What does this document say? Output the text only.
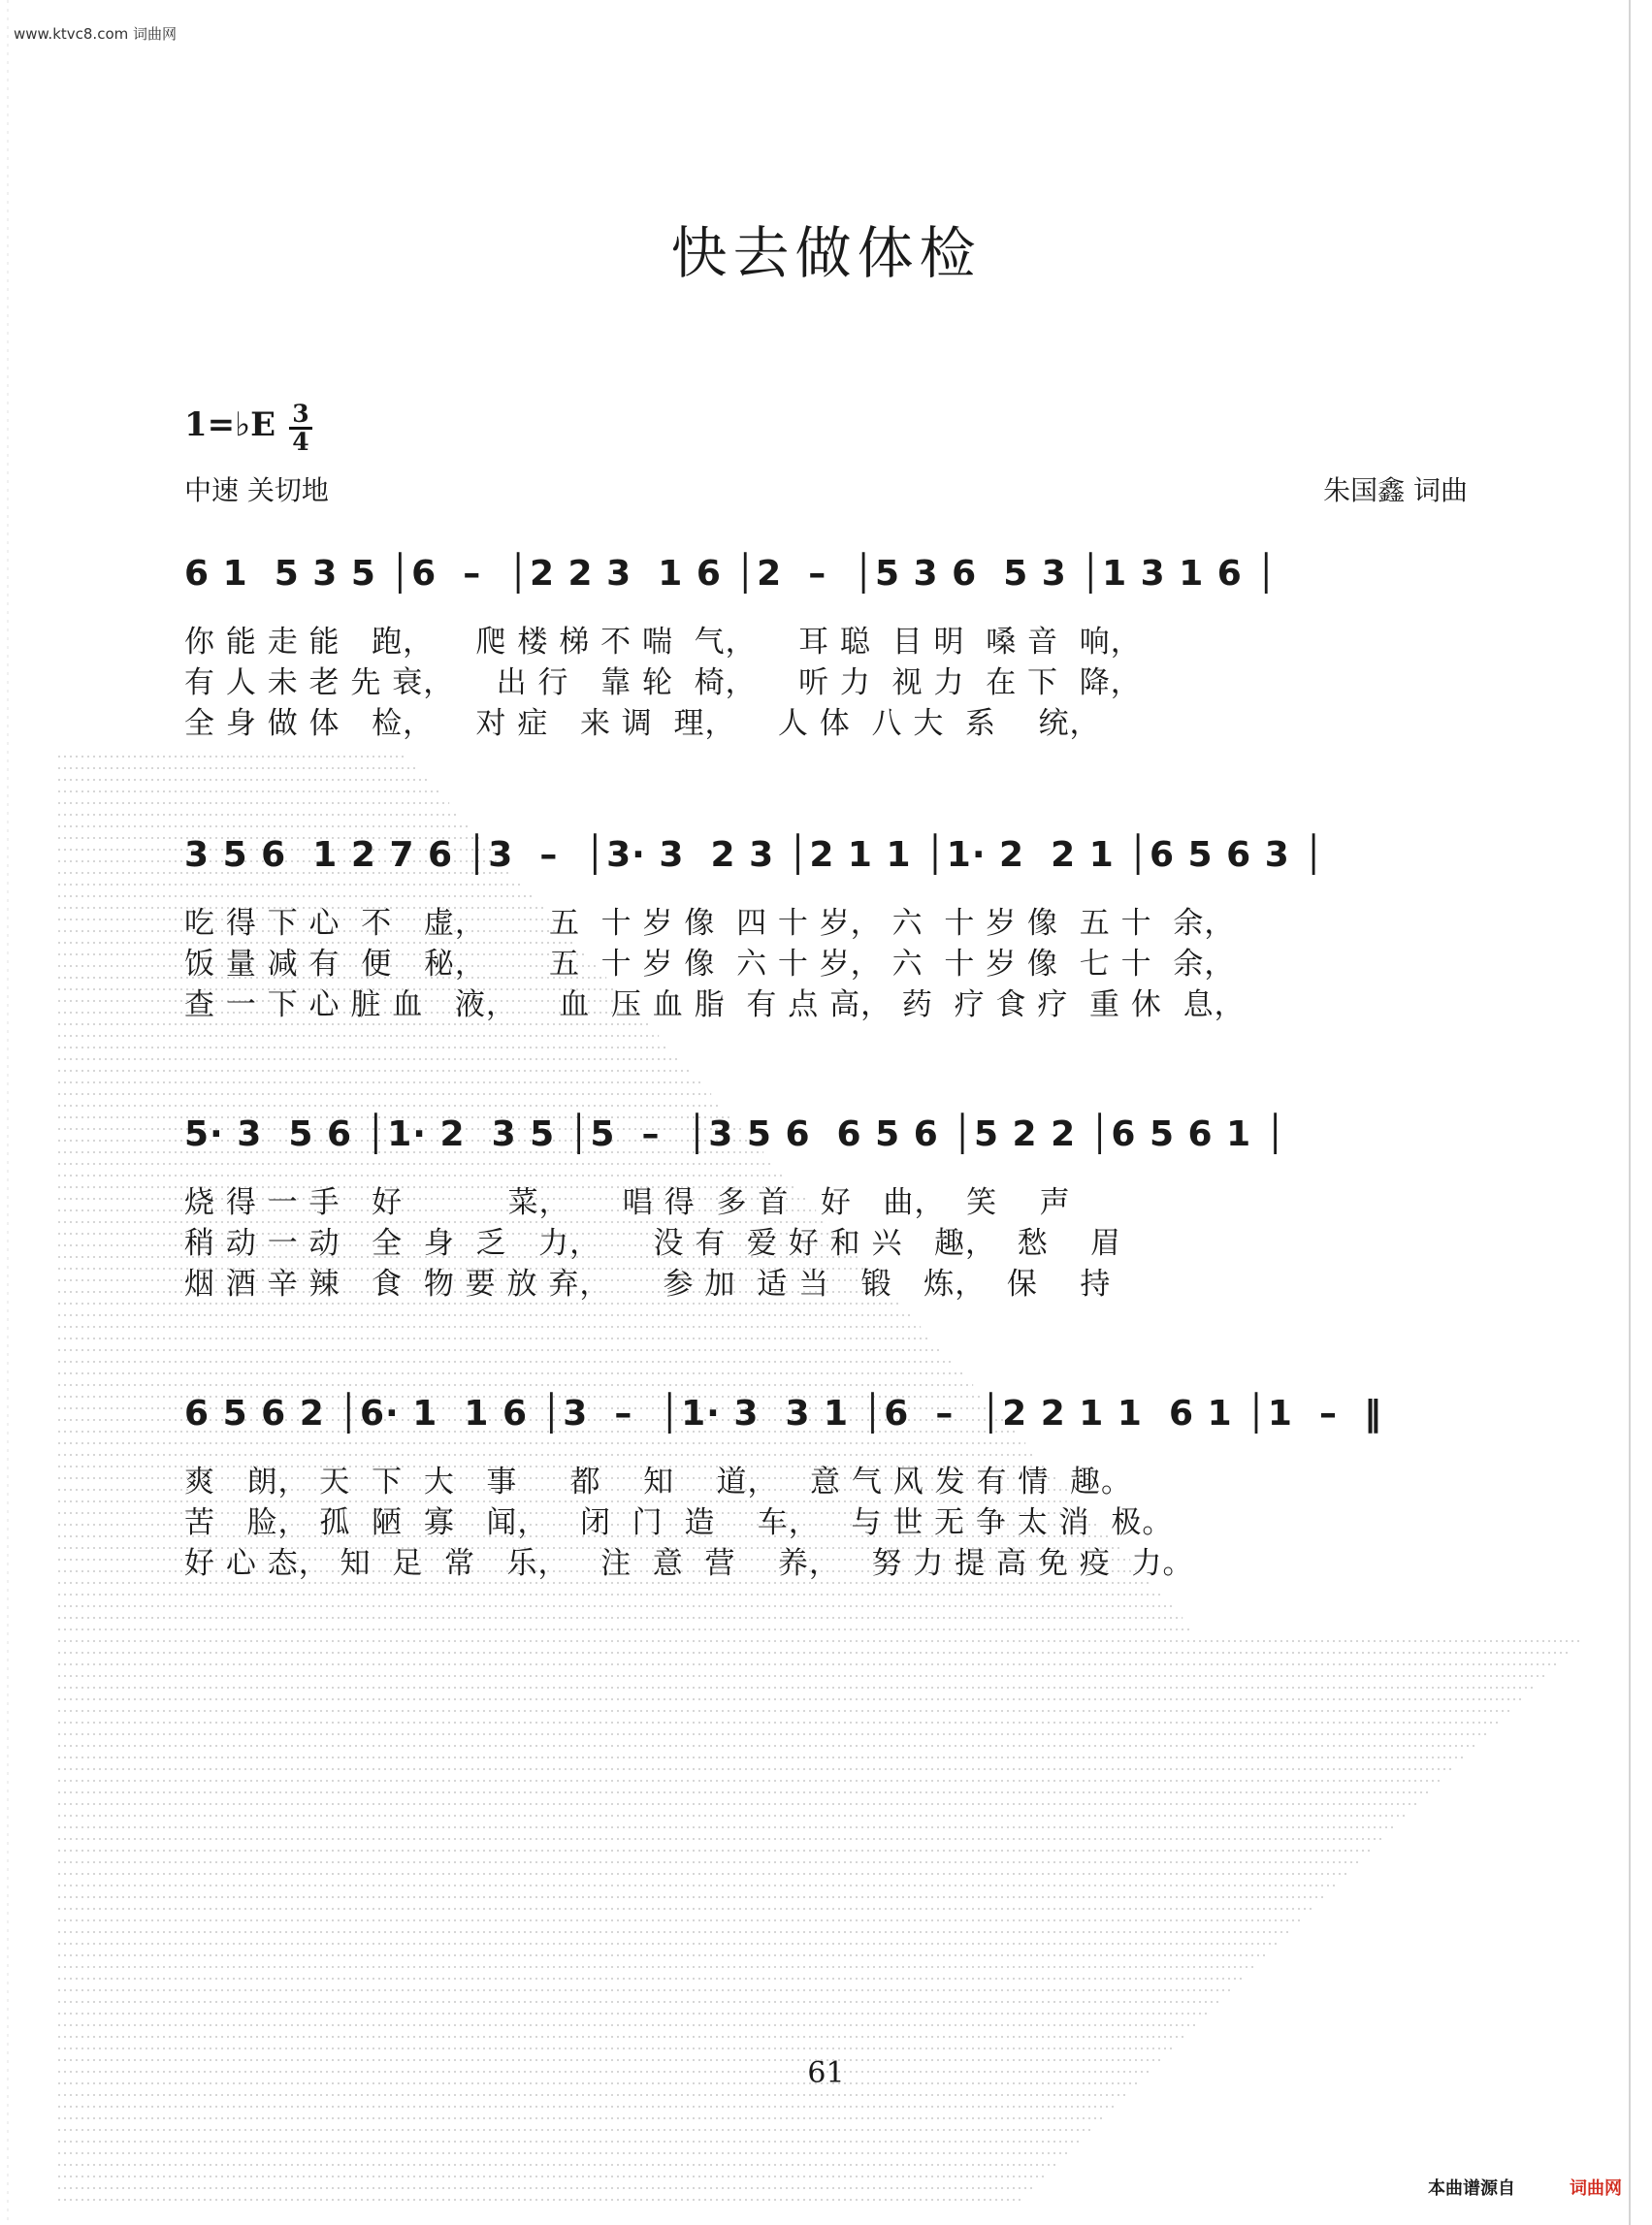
www.ktvc8.com 词曲网
快去做体检
1=♭E 3
4
中速 关切地	朱国鑫 词曲
6 1  5 3 5 │6  –  │2 2 3  1 6 │2  –  │5 3 6  5 3 │1 3 1 6 │
你 能 走 能   跑，    爬 楼 梯 不 喘  气，    耳 聪  目 明  嗓 音  响，
有 人 未 老 先 衰，    出 行   靠 轮  椅，    听 力  视 力  在 下  降，
全 身 做 体   检，    对 症   来 调  理，    人 体  八 大  系    统，
3 5 6  1 2 7 6 │3  –  │3· 3  2 3 │2 1 1 │1· 2  2 1 │6 5 6 3 │
吃 得 下 心  不   虚，      五  十 岁 像  四 十 岁， 六  十 岁 像  五 十  余，
饭 量 减 有  便   秘，      五  十 岁 像  六 十 岁， 六  十 岁 像  七 十  余，
查 一 下 心 脏 血   液，    血  压 血 脂  有 点 高， 药  疗 食 疗  重 休  息，
5· 3  5 6 │1· 2  3 5 │5  –  │3 5 6  6 5 6 │5 2 2 │6 5 6 1 │
烧 得 一 手   好          菜，     唱 得  多 首   好   曲，  笑    声
稍 动 一 动   全  身  乏   力，     没 有  爱 好 和 兴   趣，  愁    眉
烟 酒 辛 辣   食  物 要 放 弃，     参 加  适 当   锻   炼，  保    持
6 5 6 2 │6· 1  1 6 │3  –  │1· 3  3 1 │6  –  │2 2 1 1  6 1 │1  –  ‖
爽   朗， 天  下  大   事     都    知    道，   意 气 风 发 有 情  趣。
苦   脸， 孤  陋  寡   闻，   闭  门  造    车，   与 世 无 争 太 消  极。
好 心 态， 知  足  常   乐，   注  意  营    养，   努 力 提 高 免 疫  力。
61
本曲谱源自	词曲网
